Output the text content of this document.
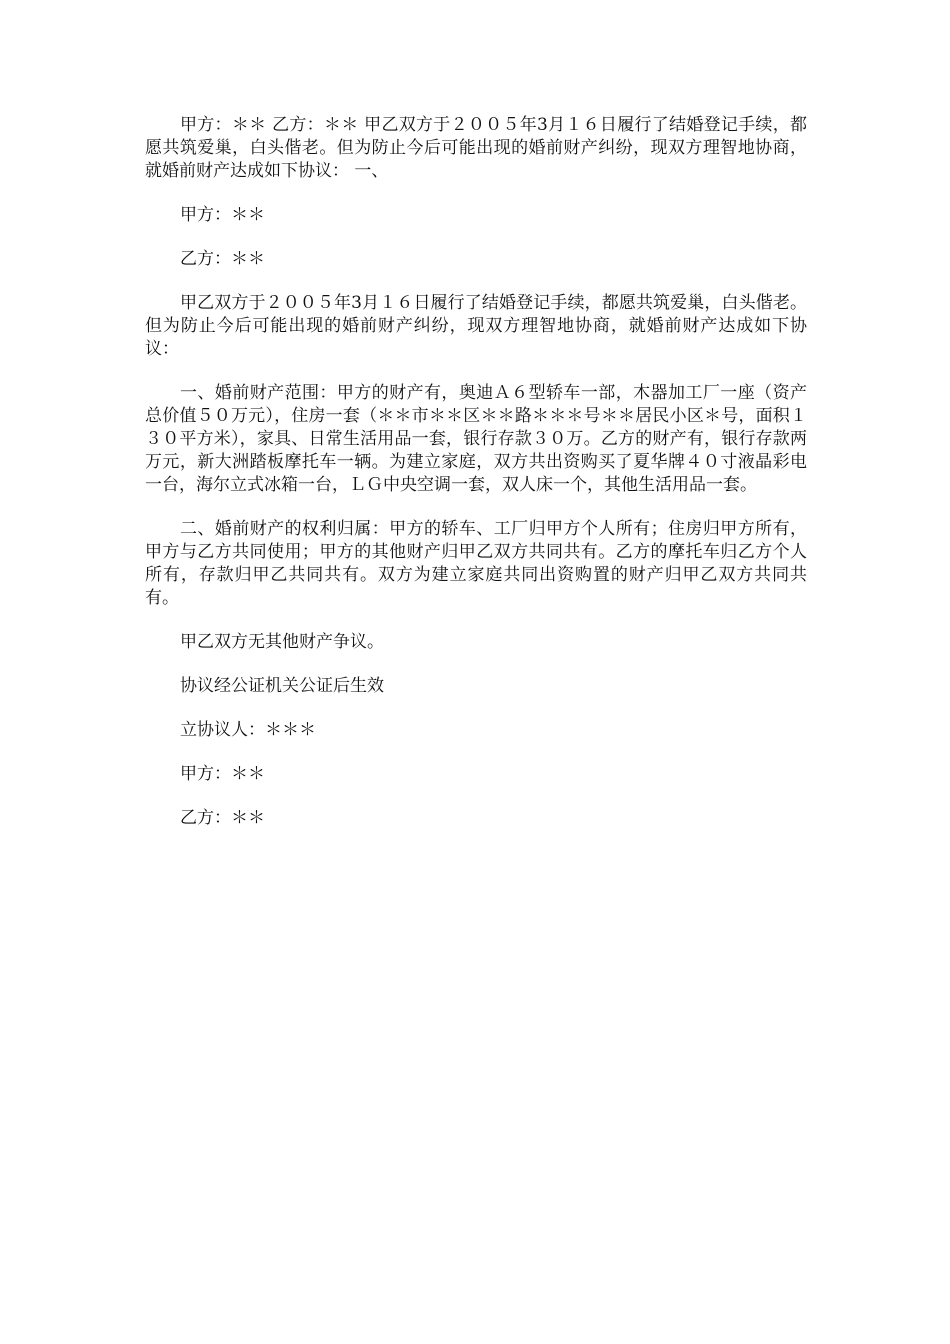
甲方：＊＊ 乙方：＊＊ 甲乙双方于２００５年3月１６日履行了结婚登记手续，都愿共筑爱巢，白头偕老。但为防止今后可能出现的婚前财产纠纷，现双方理智地协商，就婚前财产达成如下协议： 一、

甲方：＊＊

乙方：＊＊

甲乙双方于２００５年3月１６日履行了结婚登记手续，都愿共筑爱巢，白头偕老。但为防止今后可能出现的婚前财产纠纷，现双方理智地协商，就婚前财产达成如下协议：

一、婚前财产范围：甲方的财产有，奥迪Ａ６型轿车一部，木器加工厂一座（资产总价值５０万元），住房一套（＊＊市＊＊区＊＊路＊＊＊号＊＊居民小区＊号，面积１３０平方米），家具、日常生活用品一套，银行存款３０万。乙方的财产有，银行存款两万元，新大洲踏板摩托车一辆。为建立家庭，双方共出资购买了夏华牌４０寸液晶彩电一台，海尔立式冰箱一台，ＬＧ中央空调一套，双人床一个，其他生活用品一套。

二、婚前财产的权利归属：甲方的轿车、工厂归甲方个人所有；住房归甲方所有，甲方与乙方共同使用；甲方的其他财产归甲乙双方共同共有。乙方的摩托车归乙方个人所有，存款归甲乙共同共有。双方为建立家庭共同出资购置的财产归甲乙双方共同共有。

甲乙双方无其他财产争议。

协议经公证机关公证后生效

立协议人：＊＊＊

甲方：＊＊

乙方：＊＊
